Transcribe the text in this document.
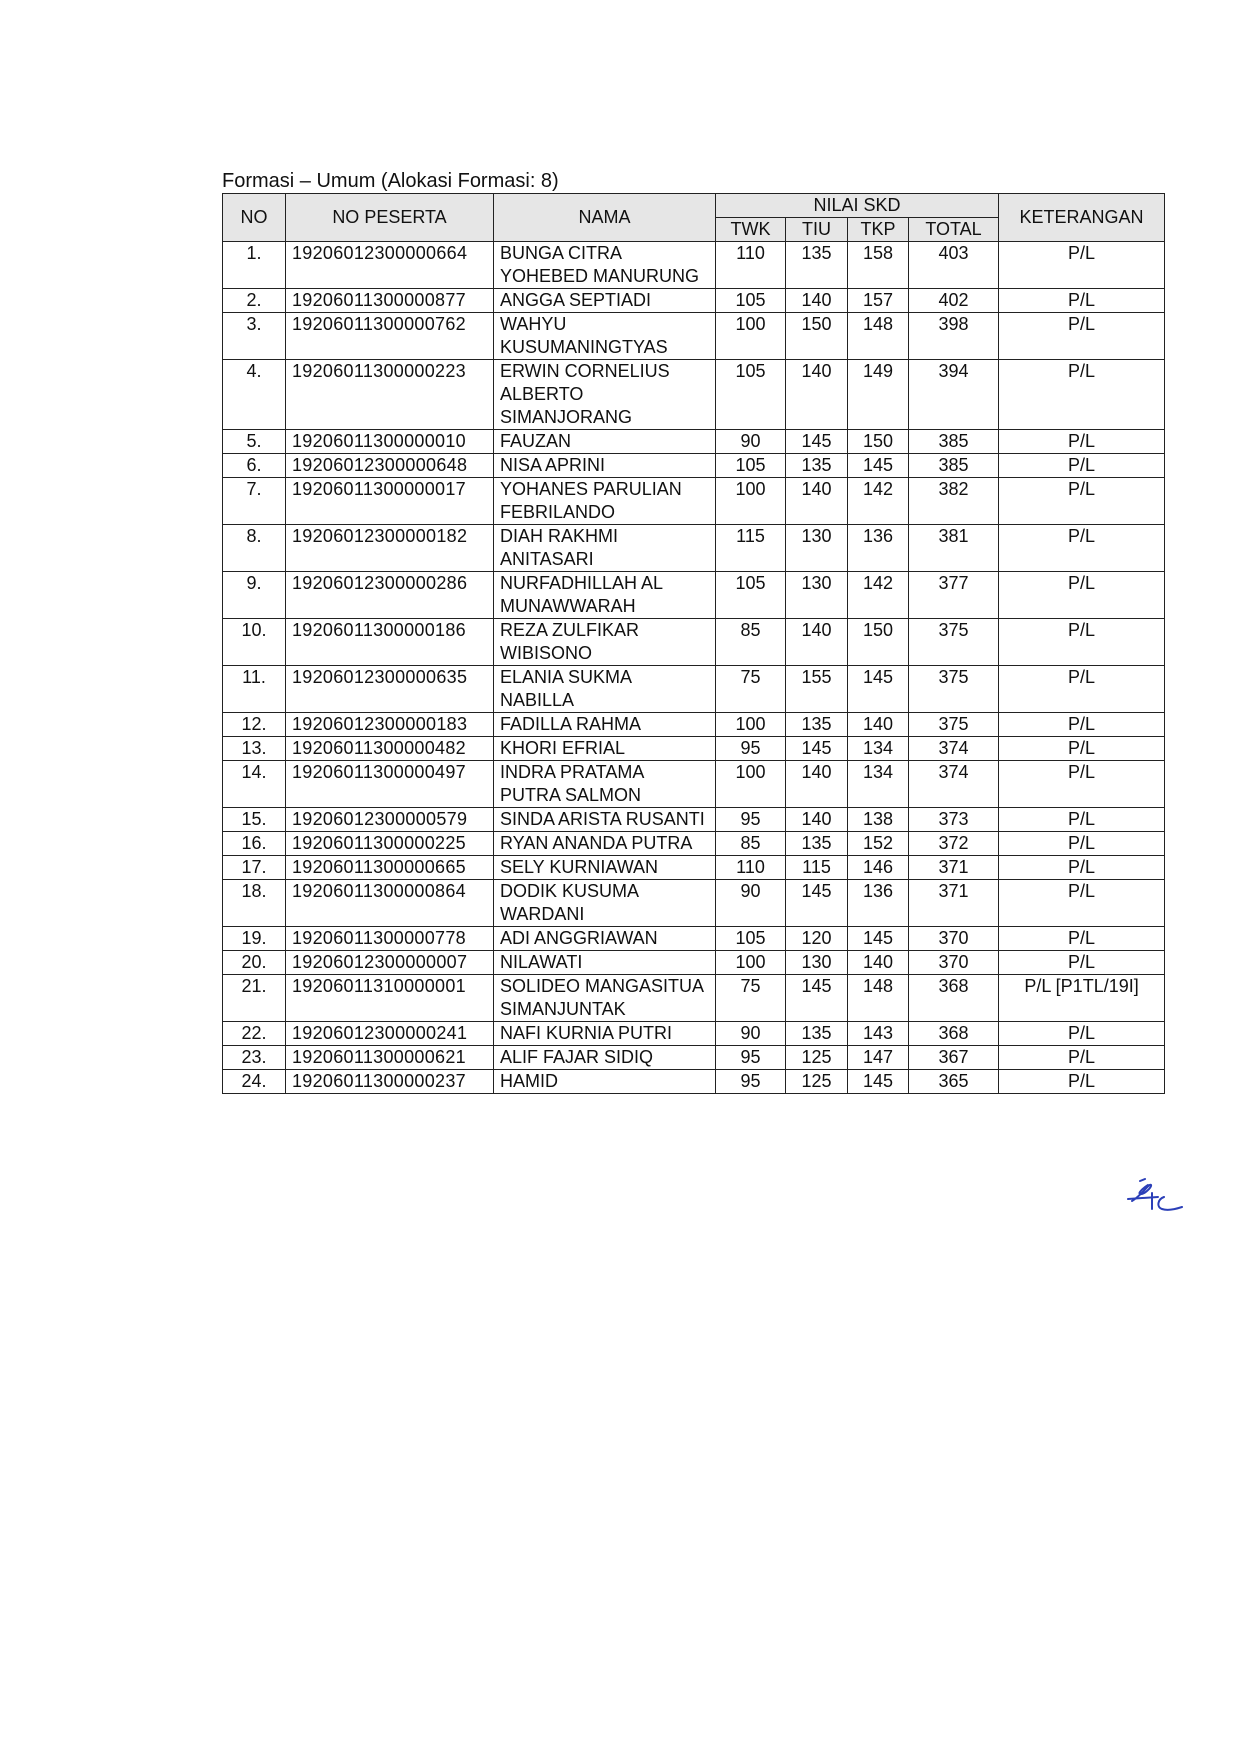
Formasi – Umum (Alokasi Formasi: 8)
NO	NO PESERTA	NAMA	NILAI SKD				KETERANGAN
			TWK	TIU	TKP	TOTAL	
1.	19206012300000664	BUNGA CITRA YOHEBED MANURUNG	110	135	158	403	P/L
2.	19206011300000877	ANGGA SEPTIADI	105	140	157	402	P/L
3.	19206011300000762	WAHYU KUSUMANINGTYAS	100	150	148	398	P/L
4.	19206011300000223	ERWIN CORNELIUS ALBERTO SIMANJORANG	105	140	149	394	P/L
5.	19206011300000010	FAUZAN	90	145	150	385	P/L
6.	19206012300000648	NISA APRINI	105	135	145	385	P/L
7.	19206011300000017	YOHANES PARULIAN FEBRILANDO	100	140	142	382	P/L
8.	19206012300000182	DIAH RAKHMI ANITASARI	115	130	136	381	P/L
9.	19206012300000286	NURFADHILLAH AL MUNAWWARAH	105	130	142	377	P/L
10.	19206011300000186	REZA ZULFIKAR WIBISONO	85	140	150	375	P/L
11.	19206012300000635	ELANIA SUKMA NABILLA	75	155	145	375	P/L
12.	19206012300000183	FADILLA RAHMA	100	135	140	375	P/L
13.	19206011300000482	KHORI EFRIAL	95	145	134	374	P/L
14.	19206011300000497	INDRA PRATAMA PUTRA SALMON	100	140	134	374	P/L
15.	19206012300000579	SINDA ARISTA RUSANTI	95	140	138	373	P/L
16.	19206011300000225	RYAN ANANDA PUTRA	85	135	152	372	P/L
17.	19206011300000665	SELY KURNIAWAN	110	115	146	371	P/L
18.	19206011300000864	DODIK KUSUMA WARDANI	90	145	136	371	P/L
19.	19206011300000778	ADI ANGGRIAWAN	105	120	145	370	P/L
20.	19206012300000007	NILAWATI	100	130	140	370	P/L
21.	19206011310000001	SOLIDEO MANGASITUA SIMANJUNTAK	75	145	148	368	P/L [P1TL/19I]
22.	19206012300000241	NAFI KURNIA PUTRI	90	135	143	368	P/L
23.	19206011300000621	ALIF FAJAR SIDIQ	95	125	147	367	P/L
24.	19206011300000237	HAMID	95	125	145	365	P/L
